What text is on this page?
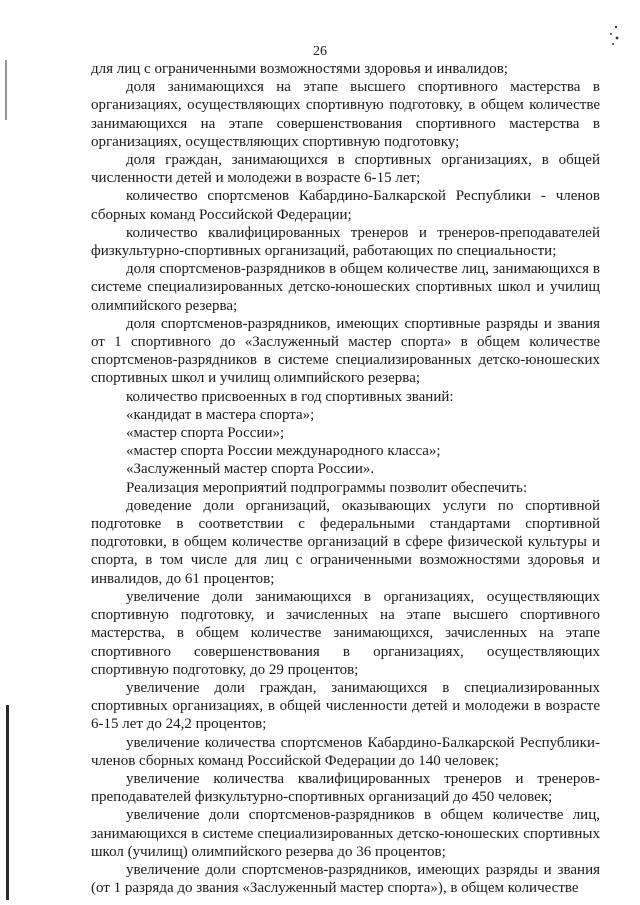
26

для лиц с ограниченными возможностями здоровья и инвалидов;

доля занимающихся на этапе высшего спортивного мастерства в организациях, осуществляющих спортивную подготовку, в общем количестве занимающихся на этапе совершенствования спортивного мастерства в организациях, осуществляющих спортивную подготовку;

доля граждан, занимающихся в спортивных организациях, в общей численности детей и молодежи в возрасте 6-15 лет;

количество спортсменов Кабардино-Балкарской Республики - членов сборных команд Российской Федерации;

количество квалифицированных тренеров и тренеров-преподавателей физкультурно-спортивных организаций, работающих по специальности;

доля спортсменов-разрядников в общем количестве лиц, занимающихся в системе специализированных детско-юношеских спортивных школ и училищ олимпийского резерва;

доля спортсменов-разрядников, имеющих спортивные разряды и звания от 1 спортивного до «Заслуженный мастер спорта» в общем количестве спортсменов-разрядников в системе специализированных детско-юношеских спортивных школ и училищ олимпийского резерва;

количество присвоенных в год спортивных званий:

«кандидат в мастера спорта»;

«мастер спорта России»;

«мастер спорта России международного класса»;

«Заслуженный мастер спорта России».

Реализация мероприятий подпрограммы позволит обеспечить:

доведение доли организаций, оказывающих услуги по спортивной подготовке в соответствии с федеральными стандартами спортивной подготовки, в общем количестве организаций в сфере физической культуры и спорта, в том числе для лиц с ограниченными возможностями здоровья и инвалидов, до 61 процентов;

увеличение доли занимающихся в организациях, осуществляющих спортивную подготовку, и зачисленных на этапе высшего спортивного мастерства, в общем количестве занимающихся, зачисленных на этапе спортивного совершенствования в организациях, осуществляющих спортивную подготовку, до 29 процентов;

увеличение доли граждан, занимающихся в специализированных спортивных организациях, в общей численности детей и молодежи в возрасте 6-15 лет до 24,2 процентов;

увеличение количества спортсменов Кабардино-Балкарской Республики-членов сборных команд Российской Федерации до 140 человек;

увеличение количества квалифицированных тренеров и тренеров-преподавателей физкультурно-спортивных организаций до 450 человек;

увеличение доли спортсменов-разрядников в общем количестве лиц, занимающихся в системе специализированных детско-юношеских спортивных школ (училищ) олимпийского резерва до 36 процентов;

увеличение доли спортсменов-разрядников, имеющих разряды и звания (от 1 разряда до звания «Заслуженный мастер спорта»), в общем количестве
